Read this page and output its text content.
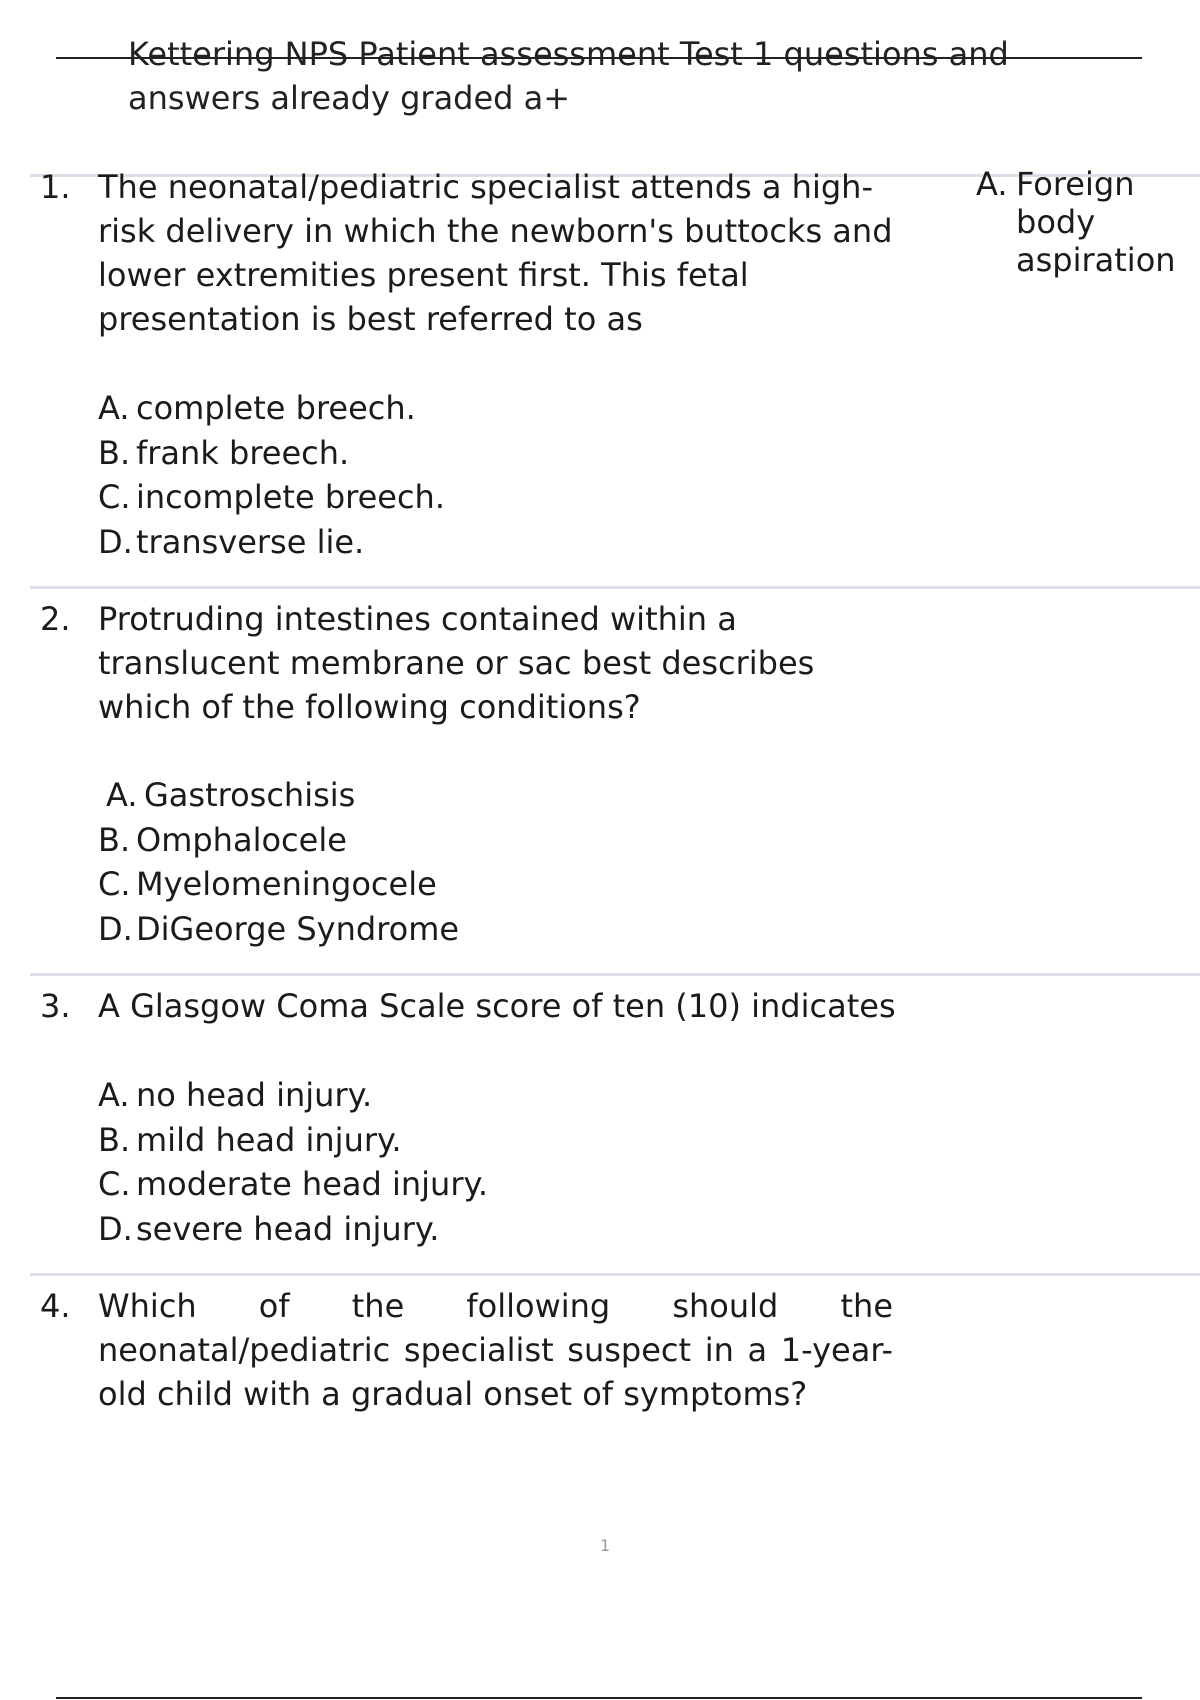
Kettering NPS Patient assessment Test 1 questions and answers already graded a+
1. The neonatal/pediatric specialist attends a high-risk delivery in which the newborn's buttocks and lower extremities present first. This fetal presentation is best referred to as
A. complete breech.
B. frank breech.
C. incomplete breech.
D.transverse lie.
A. Foreign body aspiration
2. Protruding intestines contained within a translucent membrane or sac best describes which of the following conditions?
A. Gastroschisis
B. Omphalocele
C. Myelomeningocele
D.DiGeorge Syndrome
3. A Glasgow Coma Scale score of ten (10) indicates
A. no head injury.
B. mild head injury.
C. moderate head injury.
D.severe head injury.
4. Which of the following should the neonatal/pediatric specialist suspect in a 1-year-old child with a gradual onset of symptoms?
1
